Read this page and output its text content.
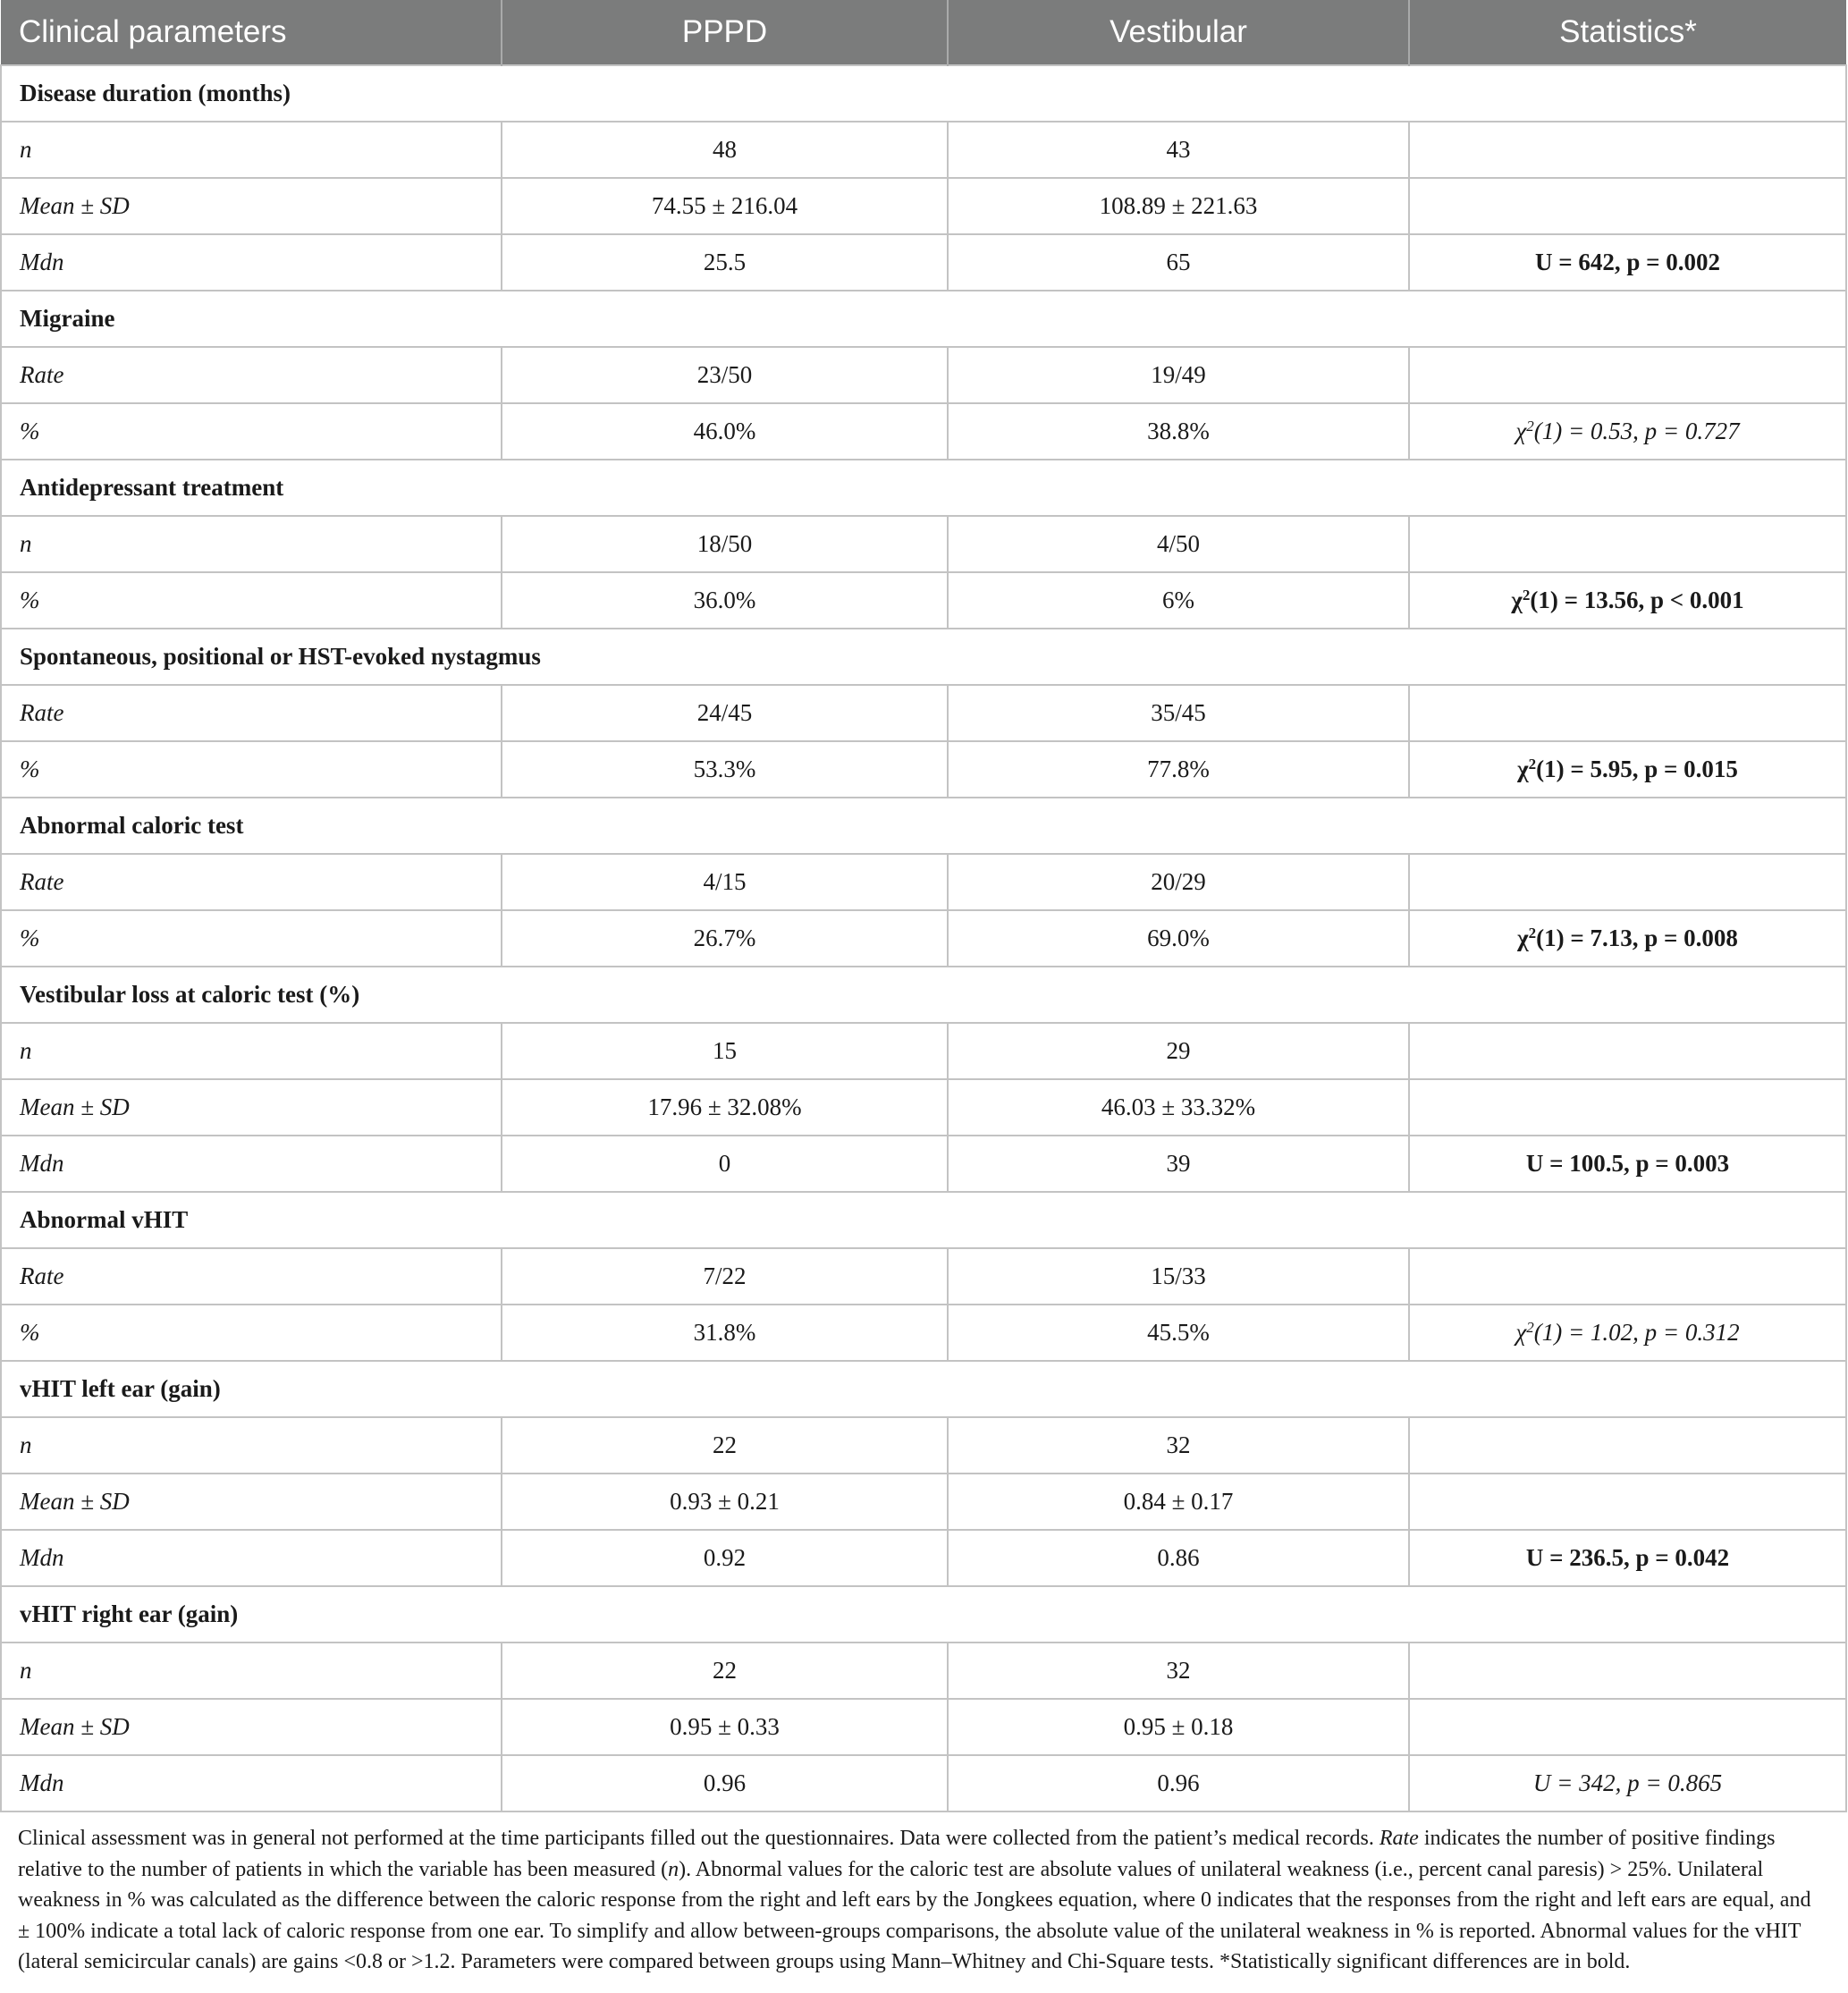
Clinical parameters	PPPD	Vestibular	Statistics*
Disease duration (months)			
n	48	43	
Mean ± SD	74.55 ± 216.04	108.89 ± 221.63	
Mdn	25.5	65	U = 642, p = 0.002
Migraine			
Rate	23/50	19/49	
%	46.0%	38.8%	$\chi^2(1) = 0.53$, p = 0.727
Antidepressant treatment			
n	18/50	4/50	
%	36.0%	6%	$\chi^2(1) = 13.56$, p < 0.001
Spontaneous, positional or HST-evoked nystagmus			
Rate	24/45	35/45	
%	53.3%	77.8%	$\chi^2(1) = 5.95$, p = 0.015
Abnormal caloric test			
Rate	4/15	20/29	
%	26.7%	69.0%	$\chi^2(1) = 7.13$, p = 0.008
Vestibular loss at caloric test (%)			
n	15	29	
Mean ± SD	17.96 ± 32.08%	46.03 ± 33.32%	
Mdn	0	39	U = 100.5, p = 0.003
Abnormal vHIT			
Rate	7/22	15/33	
%	31.8%	45.5%	$\chi^2(1) = 1.02$, p = 0.312
vHIT left ear (gain)			
n	22	32	
Mean ± SD	0.93 ± 0.21	0.84 ± 0.17	
Mdn	0.92	0.86	U = 236.5, p = 0.042
vHIT right ear (gain)			
n	22	32	
Mean ± SD	0.95 ± 0.33	0.95 ± 0.18	
Mdn	0.96	0.96	U = 342, p = 0.865
Clinical assessment was in general not performed at the time participants filled out the questionnaires. Data were collected from the patient’s medical records. Rate indicates the number of positive findings relative to the number of patients in which the variable has been measured (n). Abnormal values for the caloric test are absolute values of unilateral weakness (i.e., percent canal paresis) > 25%. Unilateral weakness in % was calculated as the difference between the caloric response from the right and left ears by the Jongkees equation, where 0 indicates that the responses from the right and left ears are equal, and ± 100% indicate a total lack of caloric response from one ear. To simplify and allow between-groups comparisons, the absolute value of the unilateral weakness in % is reported. Abnormal values for the vHIT (lateral semicircular canals) are gains <0.8 or >1.2. Parameters were compared between groups using Mann–Whitney and Chi-Square tests. *Statistically significant differences are in bold.
